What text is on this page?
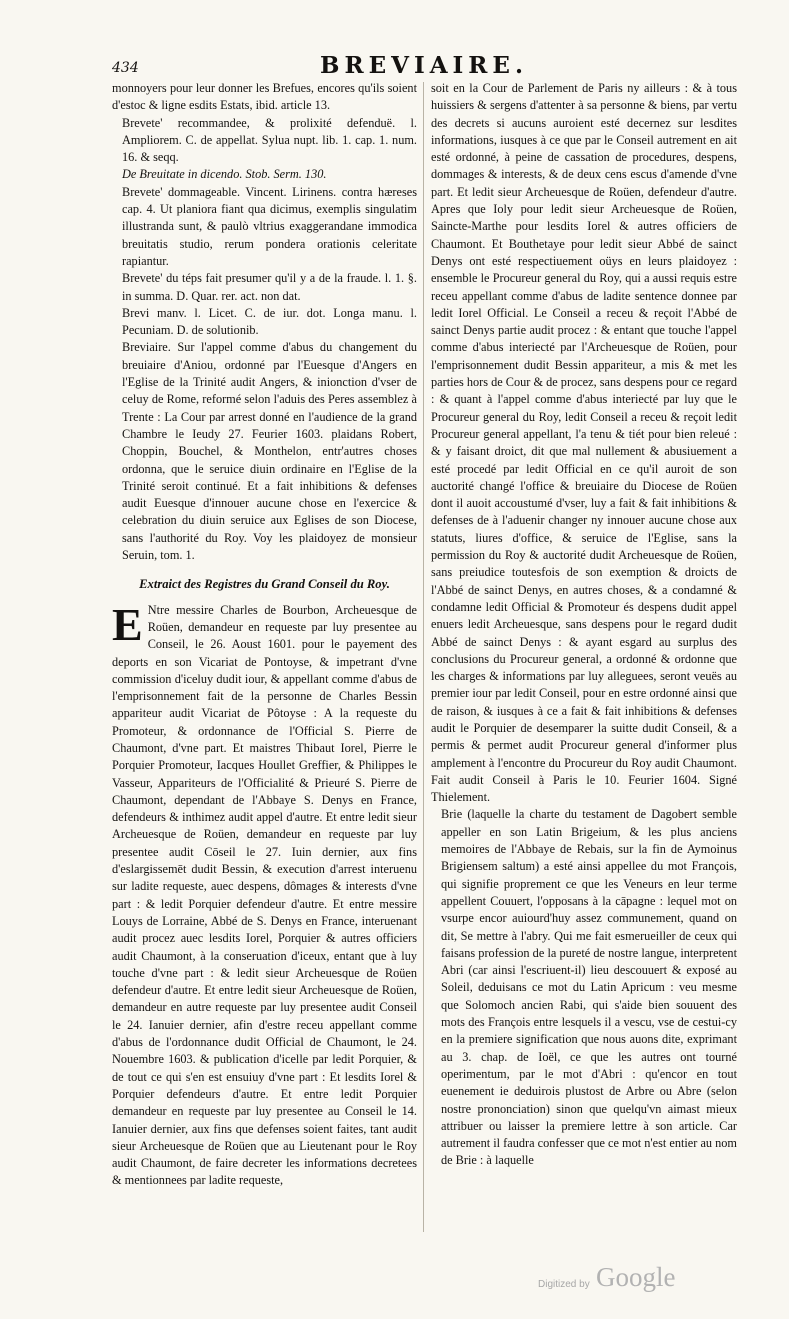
434	BREVIAIRE.

monnoyers pour leur donner les Brefues, encores qu'ils soient d'estoc & ligne esdits Estats, ibid. article 13.

Brevete' recommandee, & prolixité defenduë. l. Ampliorem. C. de appellat. Sylua nupt. lib. 1. cap. 1. num. 16. & seqq.

De Breuitate in dicendo. Stob. Serm. 130.

Brevete' dommageable. Vincent. Lirinens. contra hæreses cap. 4. Ut planiora fiant qua dicimus, exemplis singulatim illustranda sunt, & paulò vltrius exaggerandane immodica breuitatis studio, rerum pondera orationis celeritate rapiantur.

Brevete' du téps fait presumer qu'il y a de la fraude. l. 1. §. in summa. D. Quar. rer. act. non dat.

Brevi manv. l. Licet. C. de iur. dot. Longa manu. l. Pecuniam. D. de solutionib.

Breviaire. Sur l'appel comme d'abus du changement du breuiaire d'Aniou, ordonné par l'Euesque d'Angers en l'Eglise de la Trinité audit Angers, & inionction d'vser de celuy de Rome, reformé selon l'aduis des Peres assemblez à Trente : La Cour par arrest donné en l'audience de la grand Chambre le Ieudy 27. Feurier 1603. plaidans Robert, Choppin, Bouchel, & Monthelon, entr'autres choses ordonna, que le seruice diuin ordinaire en l'Eglise de la Trinité seroit continué. Et a fait inhibitions & defenses audit Euesque d'innouer aucune chose en l'exercice & celebration du diuin seruice aux Eglises de son Diocese, sans l'authorité du Roy. Voy les plaidoyez de monsieur Seruin, tom. 1.

Extraict des Registres du Grand Conseil du Roy.

E Ntre messire Charles de Bourbon, Archeuesque de Roüen, demandeur en requeste par luy presentee au Conseil, le 26. Aoust 1601. pour le payement des deports en son Vicariat de Pontoyse, & impetrant d'vne commission d'iceluy dudit iour, & appellant comme d'abus de l'emprisonnement fait de la personne de Charles Bessin appariteur audit Vicariat de Pôtoyse : A la requeste du Promoteur, & ordonnance de l'Official S. Pierre de Chaumont, d'vne part. Et maistres Thibaut Iorel, Pierre le Porquier Promoteur, Iacques Houllet Greffier, & Philippes le Vasseur, Appariteurs de l'Officialité & Prieuré S. Pierre de Chaumont, dependant de l'Abbaye S. Denys en France, defendeurs & inthimez audit appel d'autre. Et entre ledit sieur Archeuesque de Roüen, demandeur en requeste par luy presentee audit Cōseil le 27. Iuin dernier, aux fins d'eslargissemēt dudit Bessin, & execution d'arrest interuenu sur ladite requeste, auec despens, dômages & interests d'vne part : & ledit Porquier defendeur d'autre. Et entre messire Louys de Lorraine, Abbé de S. Denys en France, interuenant audit procez auec lesdits Iorel, Porquier & autres officiers audit Chaumont, à la conseruation d'iceux, entant que à luy touche d'vne part : & ledit sieur Archeuesque de Roüen defendeur d'autre. Et entre ledit sieur Archeuesque de Roüen, demandeur en autre requeste par luy presentee audit Conseil le 24. Ianuier dernier, afin d'estre receu appellant comme d'abus de l'ordonnance dudit Official de Chaumont, le 24. Nouembre 1603. & publication d'icelle par ledit Porquier, & de tout ce qui s'en est ensuiuy d'vne part : Et lesdits Iorel & Porquier defendeurs d'autre. Et entre ledit Porquier demandeur en requeste par luy presentee au Conseil le 14. Ianuier dernier, aux fins que defenses soient faites, tant audit sieur Archeuesque de Roüen que au Lieutenant pour le Roy audit Chaumont, de faire decreter les informations decretees & mentionnees par ladite requeste,

soit en la Cour de Parlement de Paris ny ailleurs : & à tous huissiers & sergens d'attenter à sa personne & biens, par vertu des decrets si aucuns auroient esté decernez sur lesdites informations, iusques à ce que par le Conseil autrement en ait esté ordonné, à peine de cassation de procedures, despens, dommages & interests, & de deux cens escus d'amende d'vne part. Et ledit sieur Archeuesque de Roüen, defendeur d'autre. Apres que Ioly pour ledit sieur Archeuesque de Roüen, Saincte-Marthe pour lesdits Iorel & autres officiers de Chaumont. Et Bouthetaye pour ledit sieur Abbé de sainct Denys ont esté respectiuement oüys en leurs plaidoyez : ensemble le Procureur general du Roy, qui a aussi requis estre receu appellant comme d'abus de ladite sentence donnee par ledit Iorel Official. Le Conseil a receu & reçoit l'Abbé de sainct Denys partie audit procez : & entant que touche l'appel comme d'abus interiecté par l'Archeuesque de Roüen, pour l'emprisonnement dudit Bessin appariteur, a mis & met les parties hors de Cour & de procez, sans despens pour ce regard : & quant à l'appel comme d'abus interiecté par luy que le Procureur general du Roy, ledit Conseil a receu & reçoit ledit Procureur general appellant, l'a tenu & tiét pour bien releué : & y faisant droict, dit que mal nullement & abusiuement a esté procedé par ledit Official en ce qu'il auroit de son auctorité changé l'office & breuiaire du Diocese de Roüen dont il auoit accoustumé d'vser, luy a fait & fait inhibitions & defenses de à l'aduenir changer ny innouer aucune chose aux statuts, liures d'office, & seruice de l'Eglise, sans la permission du Roy & auctorité dudit Archeuesque de Roüen, sans preiudice toutesfois de son exemption & droicts de l'Abbé de sainct Denys, en autres choses, & a condamné & condamne ledit Official & Promoteur és despens dudit appel enuers ledit Archeuesque, sans despens pour le regard dudit Abbé de sainct Denys : & ayant esgard au surplus des conclusions du Procureur general, a ordonné & ordonne que les charges & informations par luy alleguees, seront veuës au premier iour par ledit Conseil, pour en estre ordonné ainsi que de raison, & iusques à ce a fait & fait inhibitions & defenses audit le Porquier de desemparer la suitte dudit Conseil, & a permis & permet audit Procureur general d'informer plus amplement à l'encontre du Procureur du Roy audit Chaumont. Fait audit Conseil à Paris le 10. Feurier 1604. Signé Thielement.

Brie (laquelle la charte du testament de Dagobert semble appeller en son Latin Brigeium, & les plus anciens memoires de l'Abbaye de Rebais, sur la fin de Aymoinus Brigiensem saltum) a esté ainsi appellee du mot François, qui signifie proprement ce que les Veneurs en leur terme appellent Couuert, l'opposans à la cāpagne : lequel mot on vsurpe encor auiourd'huy assez communement, quand on dit, Se mettre à l'abry. Qui me fait esmerueiller de ceux qui faisans profession de la pureté de nostre langue, interpretent Abri (car ainsi l'escriuent-il) lieu descouuert & exposé au Soleil, deduisans ce mot du Latin Apricum : veu mesme que Solomoch ancien Rabi, qui s'aide bien souuent des mots des François entre lesquels il a vescu, vse de cestui-cy en la premiere signification que nous auons dite, exprimant au 3. chap. de Ioël, ce que les autres ont tourné operimentum, par le mot d'Abri : qu'encor en tout euenement ie deduirois plustost de Arbre ou Abre (selon nostre prononciation) sinon que quelqu'vn aimast mieux attribuer ou laisser la premiere lettre à son article. Car autrement il faudra confesser que ce mot n'est entier au nom de Brie : à laquelle

Digitized by Google
